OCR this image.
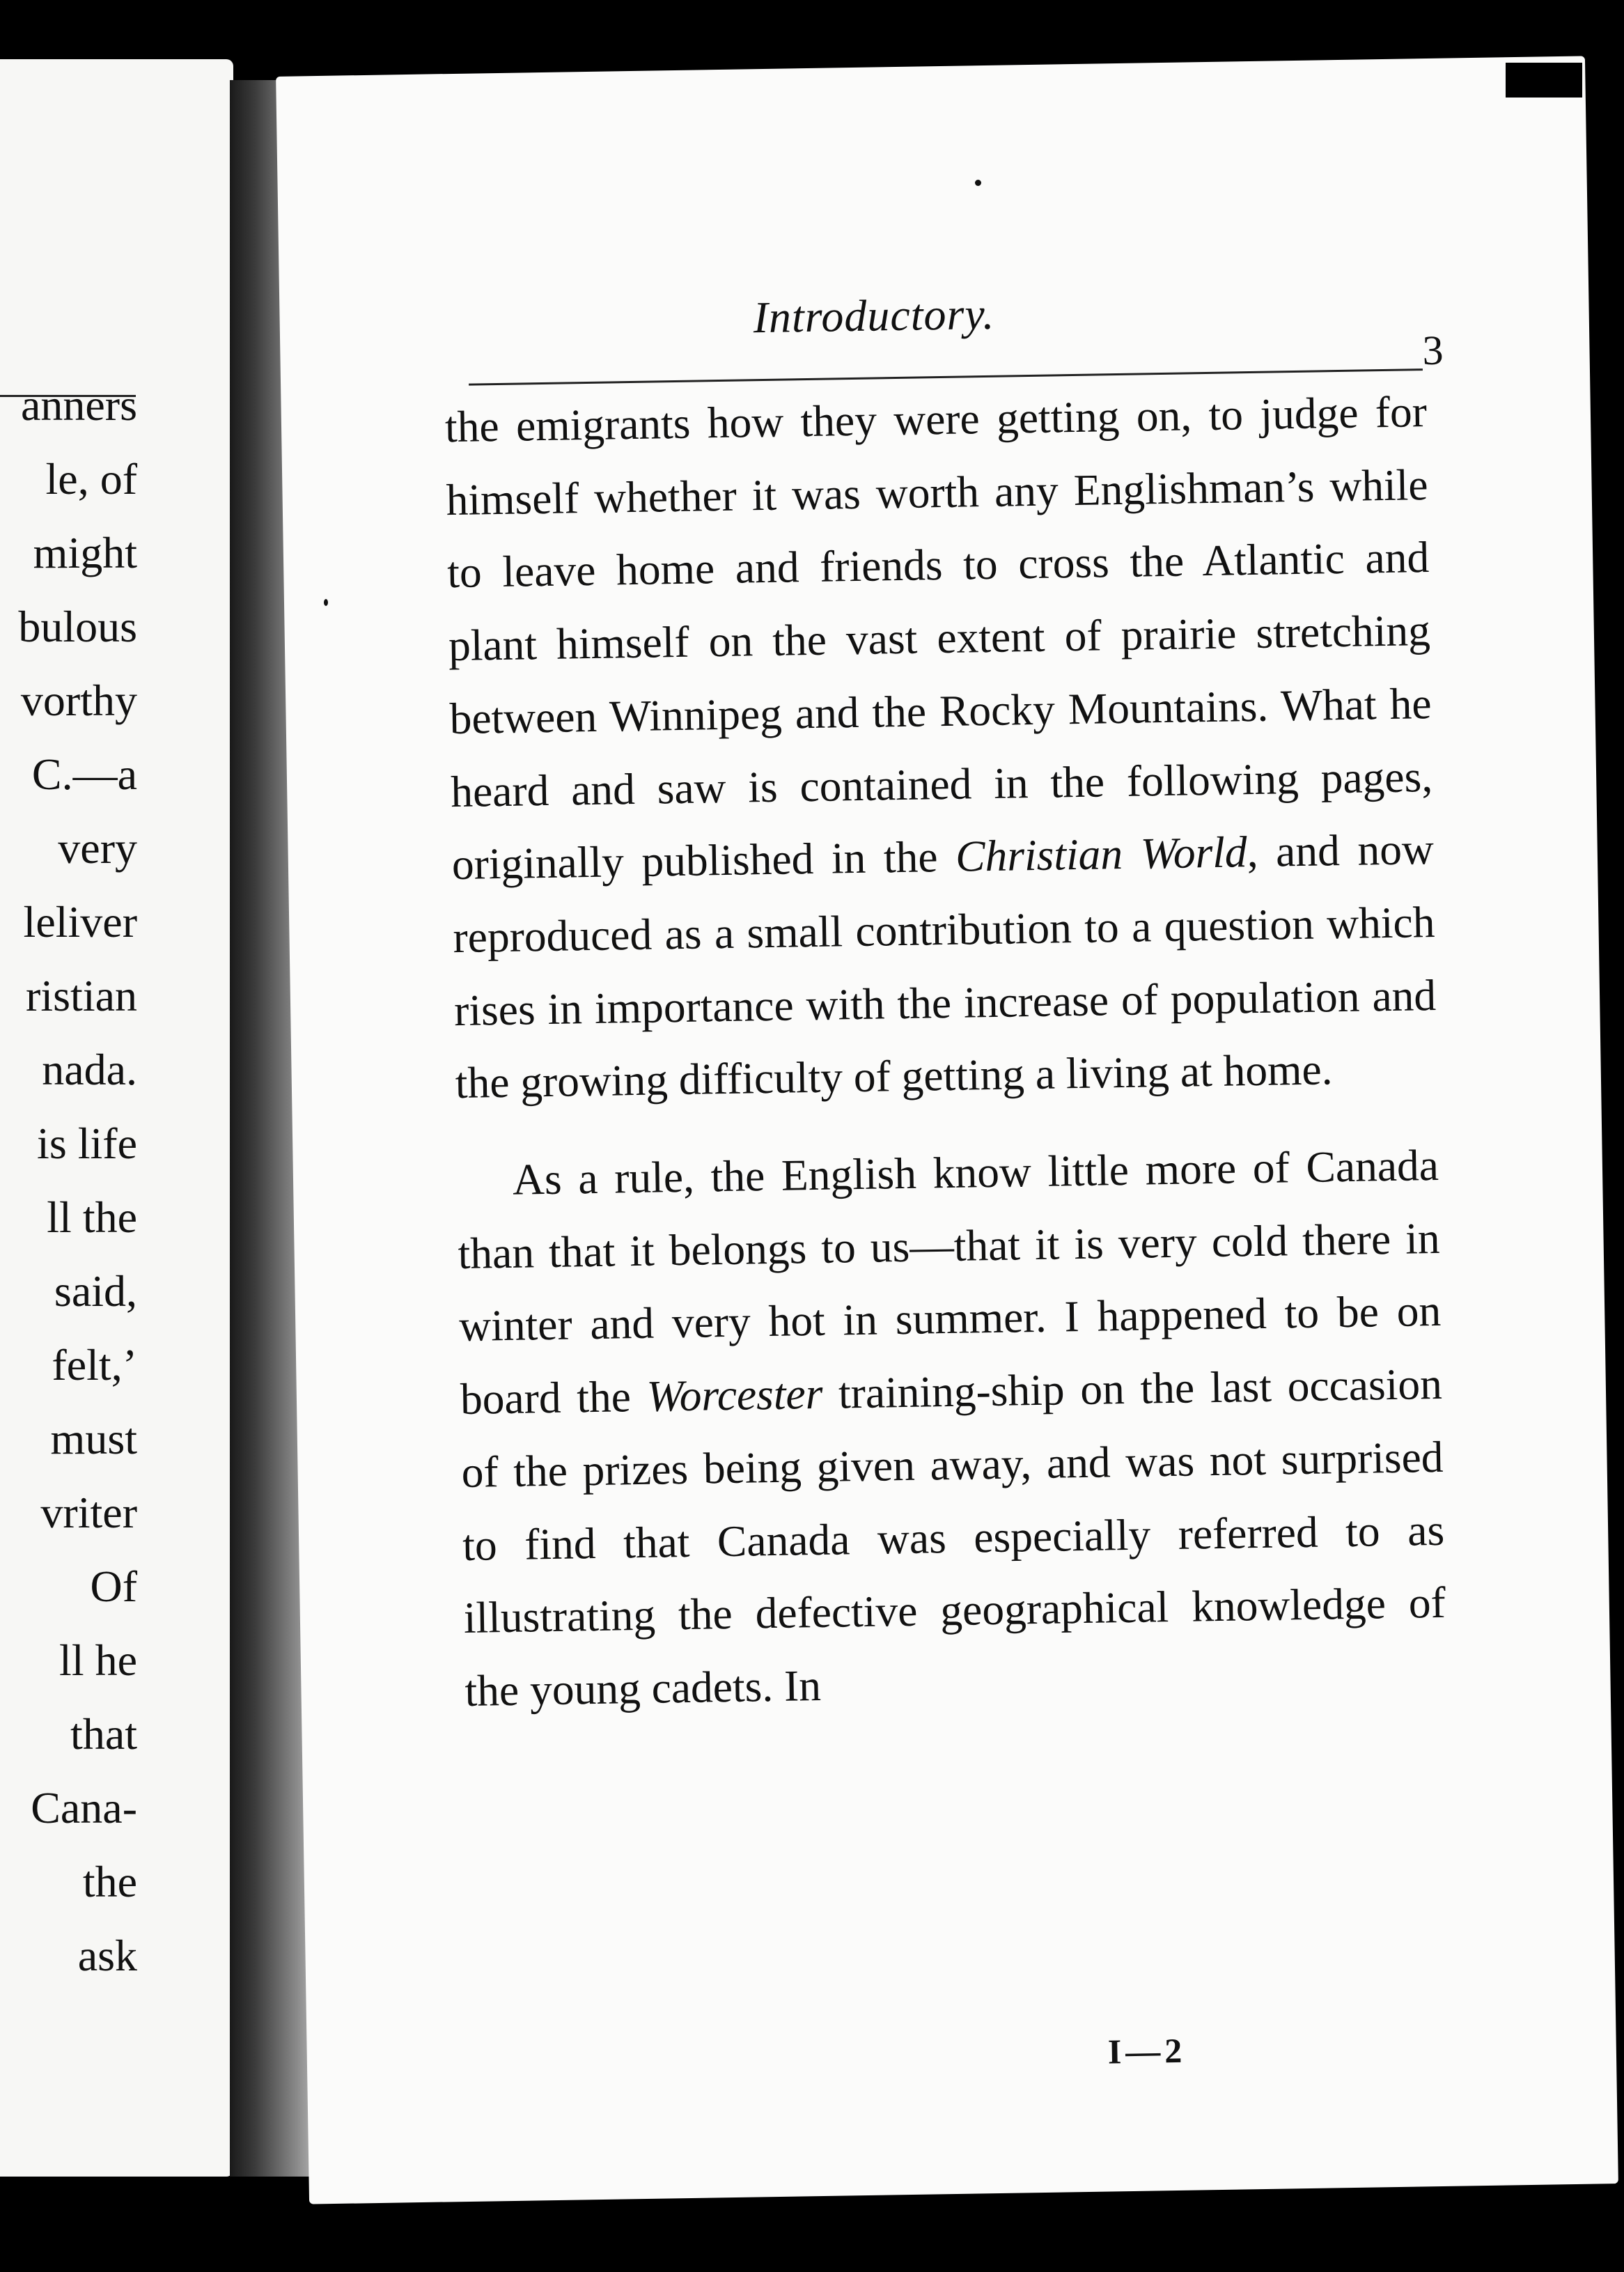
anners
le, of
might
bulous
vorthy
C.—a
very
leliver
ristian
nada.
is life
ll the
said,
felt,’
must
vriter
Of
ll he
that
Cana-
the
ask
Introductory.
3

the emigrants how they were getting on, to judge for himself whether it was worth any Englishman’s while to leave home and friends to cross the Atlantic and plant himself on the vast extent of prairie stretching between Winnipeg and the Rocky Mountains. What he heard and saw is contained in the following pages, originally published in the Christian World, and now reproduced as a small contribution to a question which rises in importance with the increase of population and the growing difficulty of getting a living at home.

As a rule, the English know little more of Canada than that it belongs to us—that it is very cold there in winter and very hot in summer. I happened to be on board the Worcester training-ship on the last occasion of the prizes being given away, and was not surprised to find that Canada was especially referred to as illustrating the defective geographical knowledge of the young cadets. In

I—2
